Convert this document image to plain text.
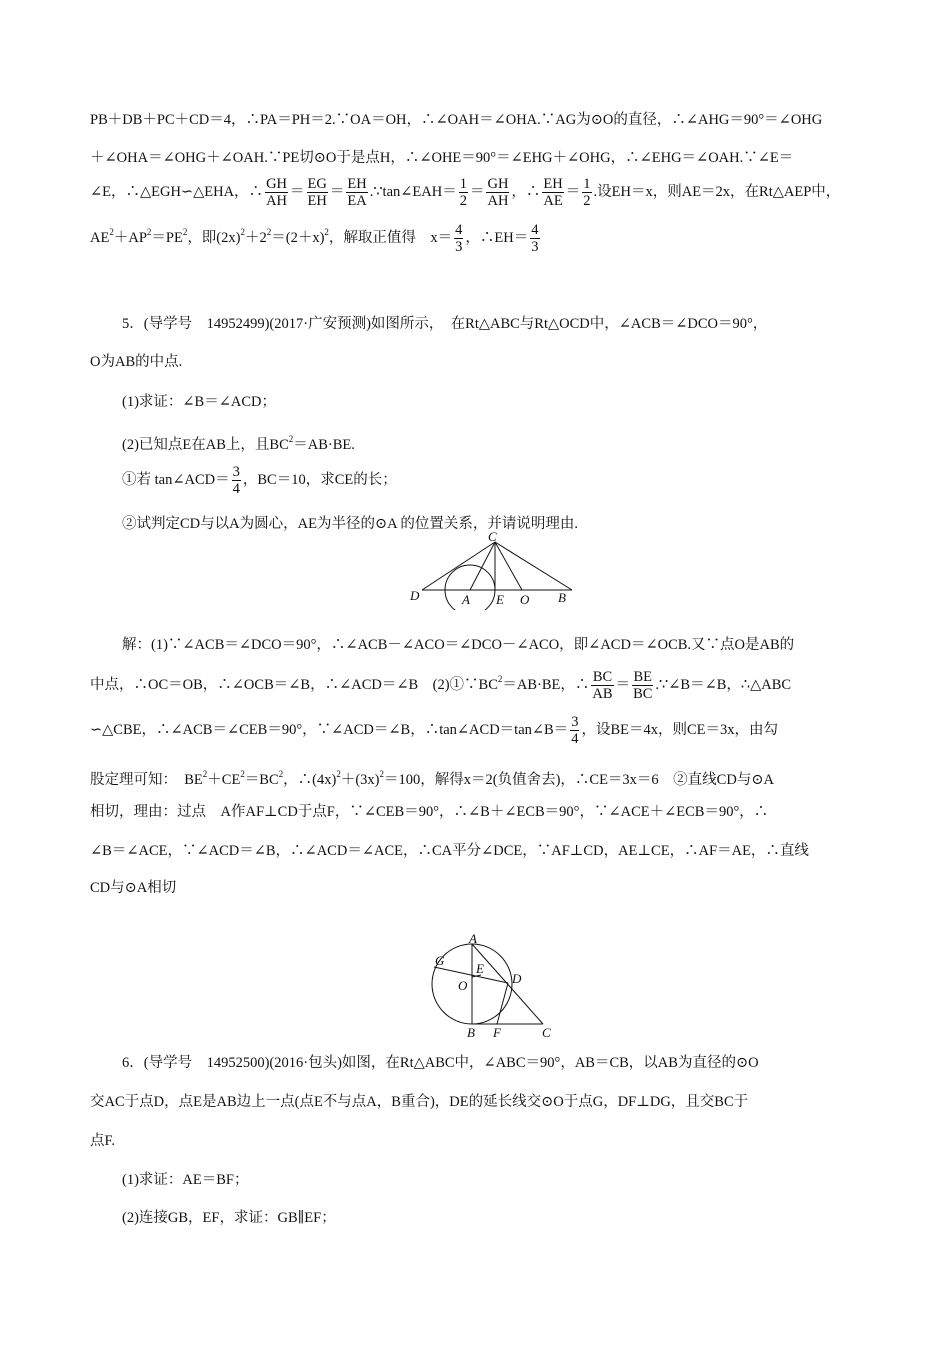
PB＋DB＋PC＋CD＝4，∴PA＝PH＝2.∵OA＝OH，∴∠OAH＝∠OHA.∵AG为⊙O的直径，∴∠AHG＝90°＝∠OHG
＋∠OHA＝∠OHG＋∠OAH.∵PE切⊙O于是点H，∴∠OHE＝90°＝∠EHG＋∠OHG，∴∠EHG＝∠OAH.∵∠E＝
∠E，∴△EGH∽△EHA，∴ $\frac{GH}{AH} = \frac{EG}{EH} = \frac{EH}{EA}$ .∵tan∠EAH＝ $\frac{1}{2} = \frac{GH}{AH}$ ，∴ $\frac{EH}{AE} = \frac{1}{2}$ .设EH＝x，则AE＝2x，在Rt△AEP中，
$AE^2+AP^2=PE^2$，即$(2x)^2+2^2=(2+x)^2$，解取正值得　$x= \frac{4}{3}$ ，∴EH＝ $\frac{4}{3}$
5．(导学号　14952499)(2017·广安预测)如图所示，　在Rt△ABC与Rt△OCD中，∠ACB＝∠DCO＝90°，
O为AB的中点.
(1)求证：∠B＝∠ACD；
(2)已知点E在AB上，且$BC^2=AB\cdot BE$.
①若 tan∠ACD＝ $\frac{3}{4}$ ，BC＝10，求CE的长；
②试判定CD与以A为圆心，AE为半径的⊙A 的位置关系，并请说明理由.
C
D	A E O B
解：(1)∵∠ACB＝∠DCO＝90°，∴∠ACB－∠ACO＝∠DCO－∠ACO，即∠ACD＝∠OCB.又∵点O是AB的
中点，∴OC＝OB，∴∠OCB＝∠B，∴∠ACD＝∠B　$(2)①\because BC^2=AB\cdot BE$，∴ $\frac{BC}{AB} = \frac{BE}{BC}$ .∵∠B＝∠B，∴△ABC
∽△CBE，∴∠ACB＝∠CEB＝90°，∵∠ACD＝∠B，∴tan∠ACD＝tan∠B＝ $\frac{3}{4}$ ，设BE＝4x，则CE＝3x，由勾
股定理可知：　$BE^2+CE^2=BC^2$，$\therefore(4x)^2+(3x)^2=100$，解得x＝2(负值舍去)，∴CE＝3x＝6　②直线CD与⊙A
相切，理由：过点　A作AF⊥CD于点F，∵∠CEB＝90°，∴∠B＋∠ECB＝90°，∵∠ACE＋∠ECB＝90°，∴
∠B＝∠ACE，∵∠ACD＝∠B，∴∠ACD＝∠ACE，∴CA平分∠DCE，∵AF⊥CD，AE⊥CE，∴AF＝AE，∴直线
CD与⊙A相切
A
G
E
D
O
B F	C
6．(导学号　14952500)(2016·包头)如图，在Rt△ABC中，∠ABC＝90°，AB＝CB，以AB为直径的⊙O
交AC于点D，点E是AB边上一点(点E不与点A，B重合)，DE的延长线交⊙O于点G，DF⊥DG，且交BC于
点F.
(1)求证：AE＝BF；
(2)连接GB，EF，求证：GB∥EF；
